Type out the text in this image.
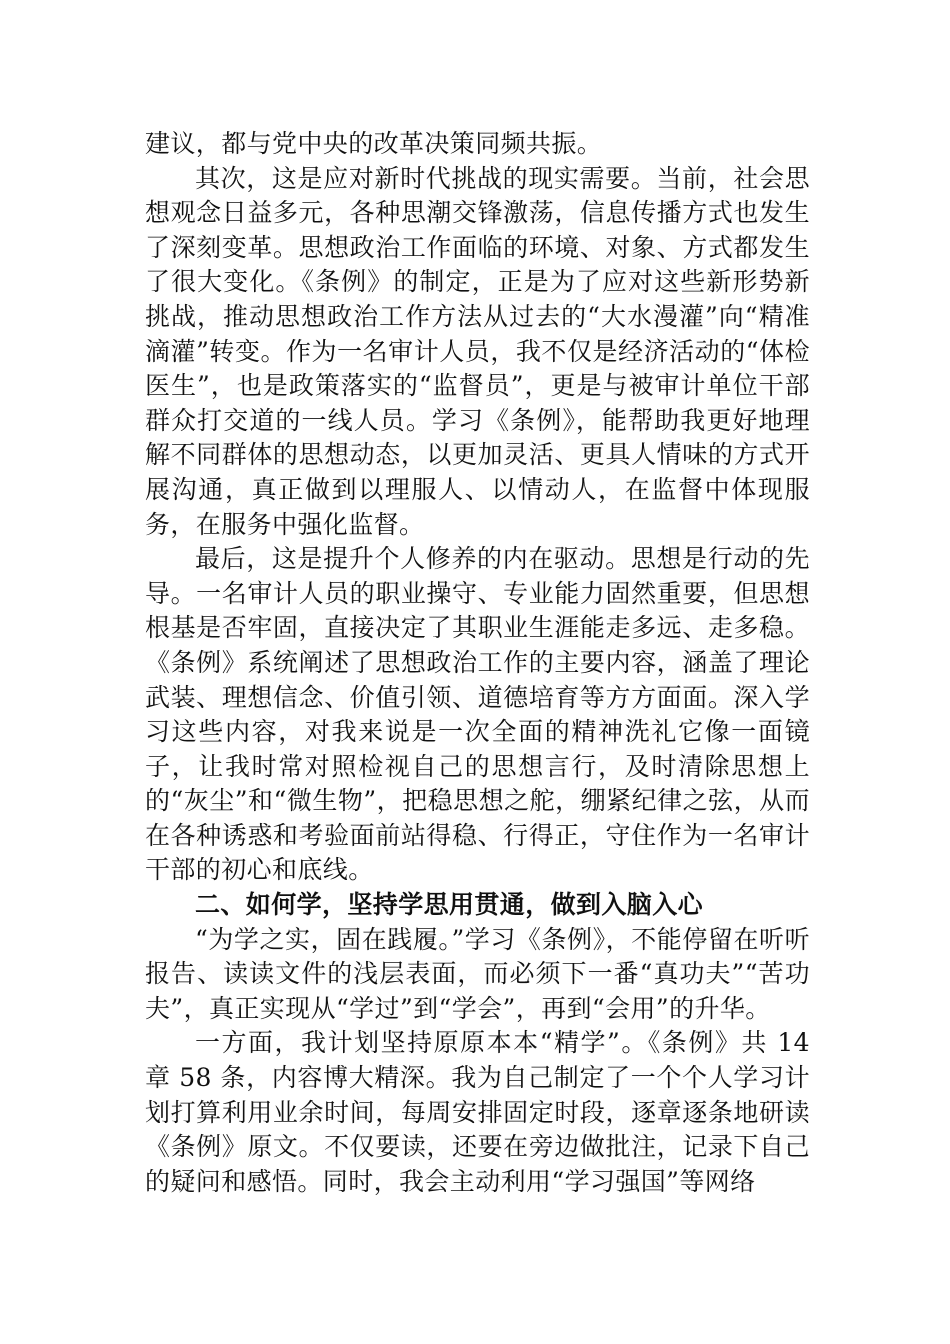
建议，都与党中央的改革决策同频共振。

其次，这是应对新时代挑战的现实需要。当前，社会思想观念日益多元，各种思潮交锋激荡，信息传播方式也发生了深刻变革。思想政治工作面临的环境、对象、方式都发生了很大变化。《条例》的制定，正是为了应对这些新形势新挑战，推动思想政治工作方法从过去的“大水漫灌”向“精准滴灌”转变。作为一名审计人员，我不仅是经济活动的“体检医生”，也是政策落实的“监督员”，更是与被审计单位干部群众打交道的一线人员。学习《条例》，能帮助我更好地理解不同群体的思想动态，以更加灵活、更具人情味的方式开展沟通，真正做到以理服人、以情动人，在监督中体现服务，在服务中强化监督。

最后，这是提升个人修养的内在驱动。思想是行动的先导。一名审计人员的职业操守、专业能力固然重要，但思想根基是否牢固，直接决定了其职业生涯能走多远、走多稳。《条例》系统阐述了思想政治工作的主要内容，涵盖了理论武装、理想信念、价值引领、道德培育等方方面面。深入学习这些内容，对我来说是一次全面的精神洗礼它像一面镜子，让我时常对照检视自己的思想言行，及时清除思想上的“灰尘”和“微生物”，把稳思想之舵，绷紧纪律之弦，从而在各种诱惑和考验面前站得稳、行得正，守住作为一名审计干部的初心和底线。

二、如何学，坚持学思用贯通，做到入脑入心

“为学之实，固在践履。”学习《条例》，不能停留在听听报告、读读文件的浅层表面，而必须下一番“真功夫”“苦功夫”，真正实现从“学过”到“学会”，再到“会用”的升华。

一方面，我计划坚持原原本本“精学”。《条例》共 14 章 58 条，内容博大精深。我为自己制定了一个个人学习计划打算利用业余时间，每周安排固定时段，逐章逐条地研读《条例》原文。不仅要读，还要在旁边做批注，记录下自己的疑问和感悟。同时，我会主动利用“学习强国”等网络
